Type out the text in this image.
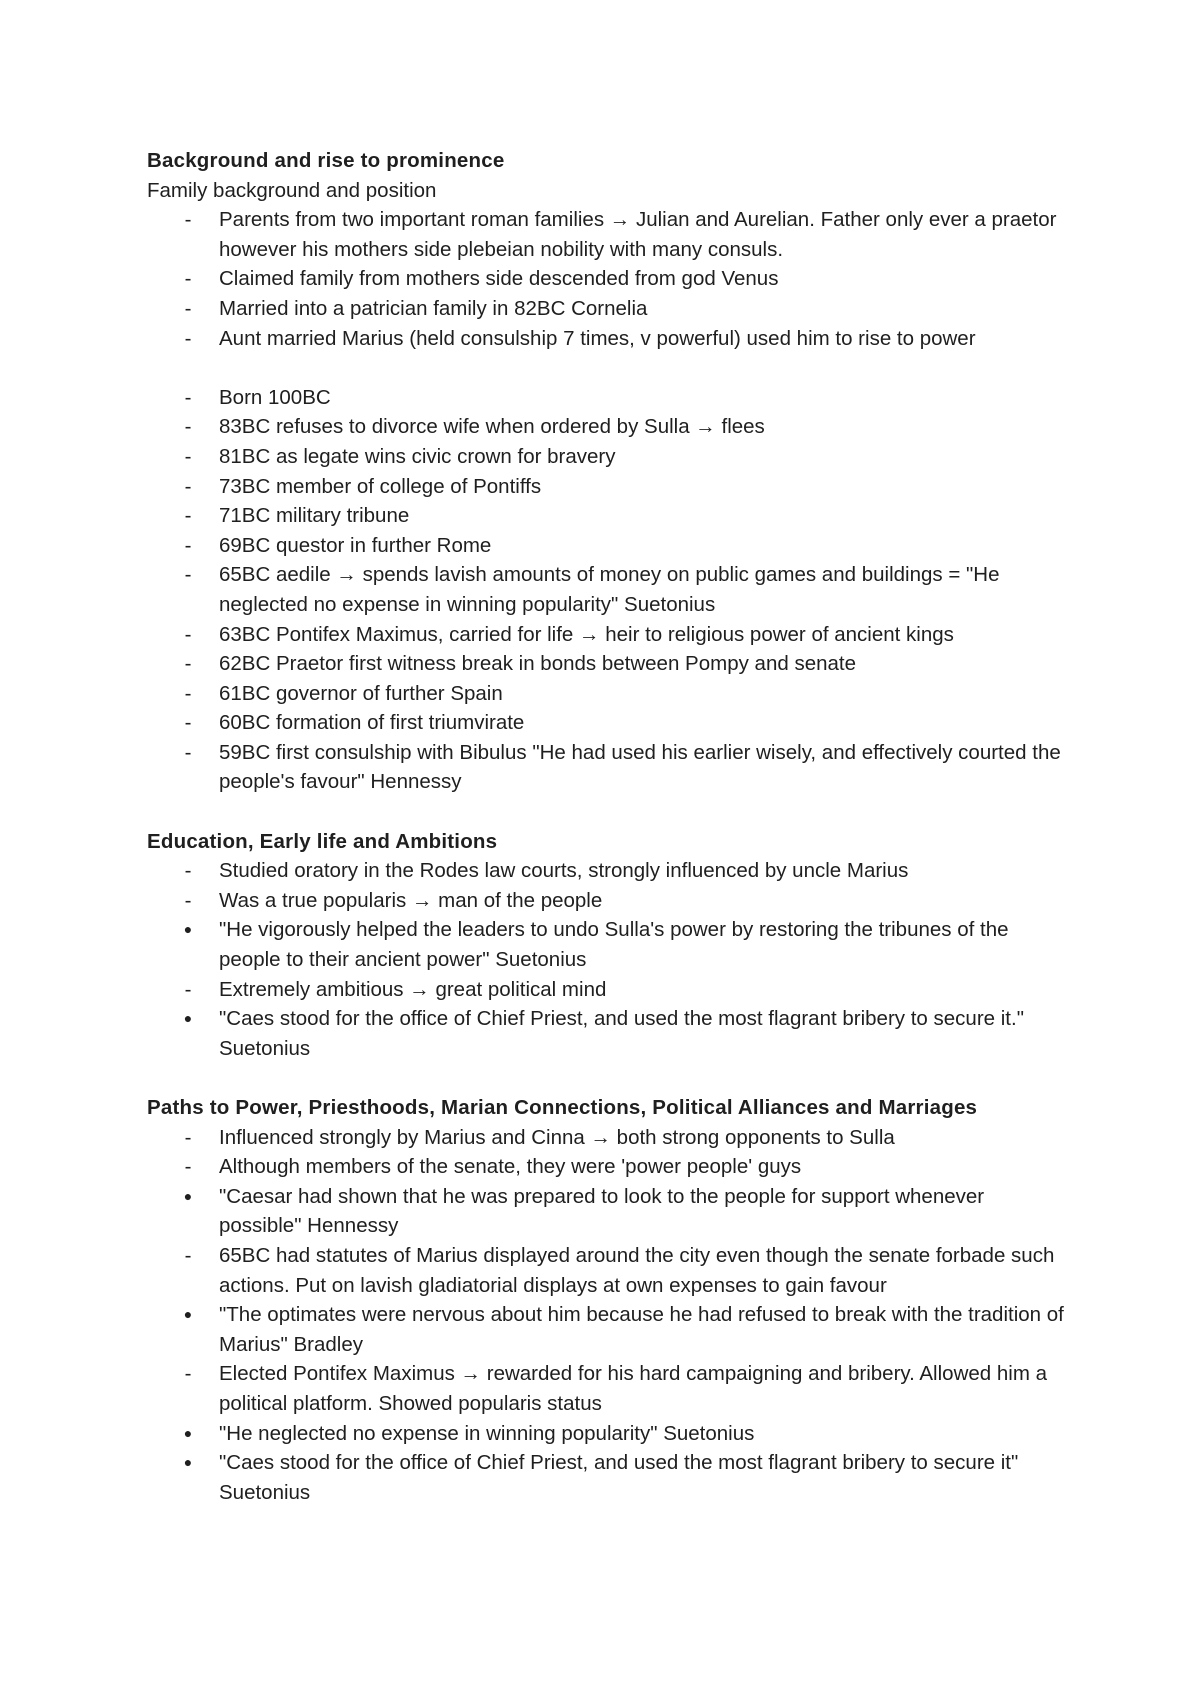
Background and rise to prominence
Family background and position
- Parents from two important roman families → Julian and Aurelian. Father only ever a praetor however his mothers side plebeian nobility with many consuls.
- Claimed family from mothers side descended from god Venus
- Married into a patrician family in 82BC Cornelia
- Aunt married Marius (held consulship 7 times, v powerful) used him to rise to power
- Born 100BC
- 83BC refuses to divorce wife when ordered by Sulla → flees
- 81BC as legate wins civic crown for bravery
- 73BC member of college of Pontiffs
- 71BC military tribune
- 69BC questor in further Rome
- 65BC aedile → spends lavish amounts of money on public games and buildings = "He neglected no expense in winning popularity" Suetonius
- 63BC Pontifex Maximus, carried for life → heir to religious power of ancient kings
- 62BC Praetor first witness break in bonds between Pompy and senate
- 61BC governor of further Spain
- 60BC formation of first triumvirate
- 59BC first consulship with Bibulus "He had used his earlier wisely, and effectively courted the people's favour" Hennessy
Education, Early life and Ambitions
- Studied oratory in the Rodes law courts, strongly influenced by uncle Marius
- Was a true popularis → man of the people
● "He vigorously helped the leaders to undo Sulla's power by restoring the tribunes of the people to their ancient power" Suetonius
- Extremely ambitious → great political mind
● "Caes stood for the office of Chief Priest, and used the most flagrant bribery to secure it." Suetonius
Paths to Power, Priesthoods, Marian Connections, Political Alliances and Marriages
- Influenced strongly by Marius and Cinna → both strong opponents to Sulla
- Although members of the senate, they were 'power people' guys
● "Caesar had shown that he was prepared to look to the people for support whenever possible" Hennessy
- 65BC had statutes of Marius displayed around the city even though the senate forbade such actions. Put on lavish gladiatorial displays at own expenses to gain favour
● "The optimates were nervous about him because he had refused to break with the tradition of Marius" Bradley
- Elected Pontifex Maximus → rewarded for his hard campaigning and bribery. Allowed him a political platform. Showed popularis status
● "He neglected no expense in winning popularity" Suetonius
● "Caes stood for the office of Chief Priest, and used the most flagrant bribery to secure it" Suetonius
